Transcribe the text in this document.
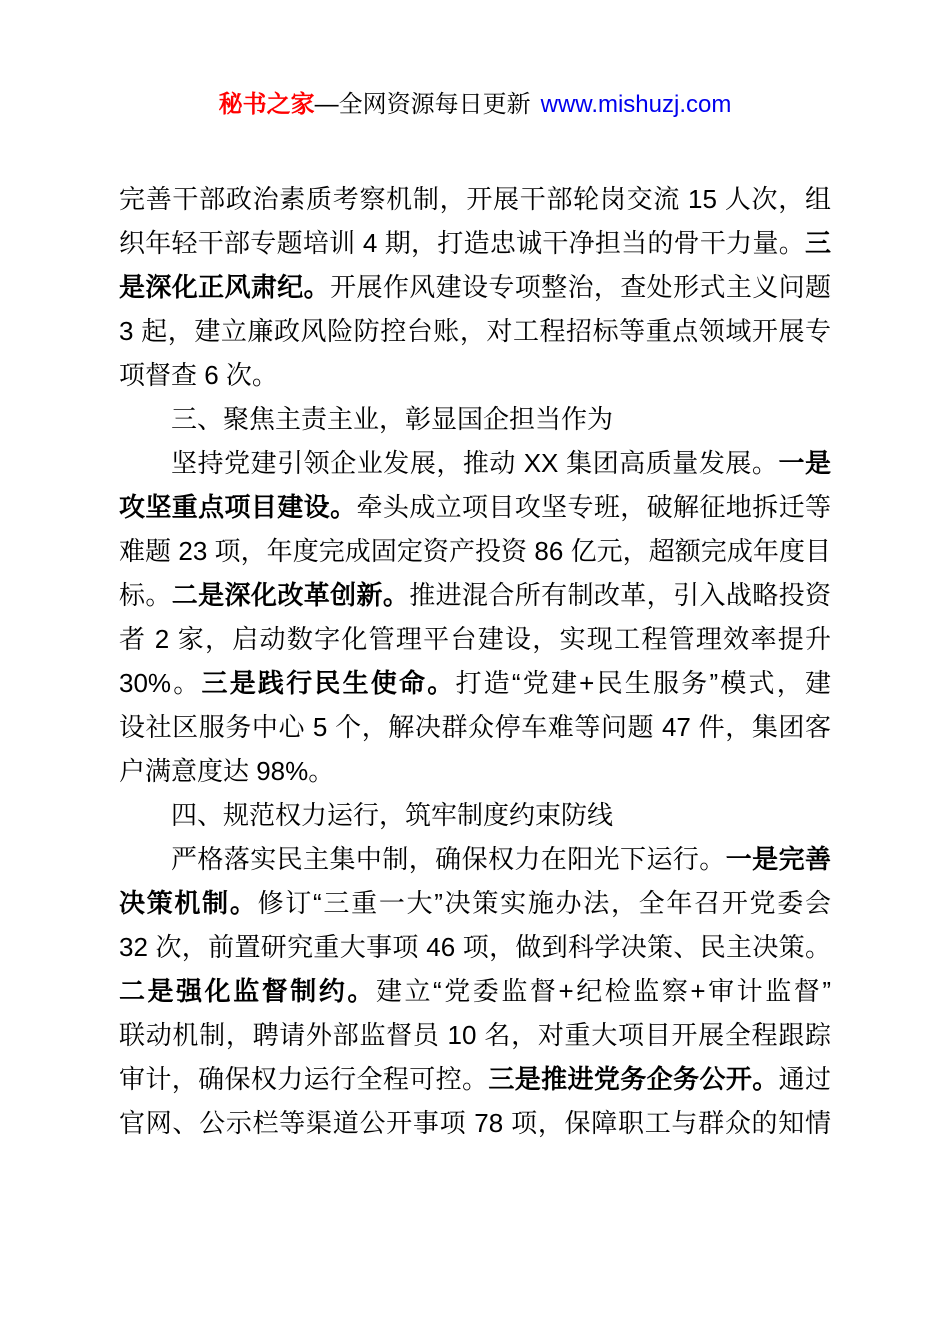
秘书之家—全网资源每日更新 www.mishuzj.com
完善干部政治素质考察机制，开展干部轮岗交流 15 人次，组
织年轻干部专题培训 4 期，打造忠诚干净担当的骨干力量。三
是深化正风肃纪。开展作风建设专项整治，查处形式主义问题
3 起，建立廉政风险防控台账，对工程招标等重点领域开展专
项督查 6 次。
三、聚焦主责主业，彰显国企担当作为
坚持党建引领企业发展，推动 XX 集团高质量发展。一是
攻坚重点项目建设。牵头成立项目攻坚专班，破解征地拆迁等
难题 23 项，年度完成固定资产投资 86 亿元，超额完成年度目
标。二是深化改革创新。推进混合所有制改革，引入战略投资
者 2 家，启动数字化管理平台建设，实现工程管理效率提升
30%。三是践行民生使命。打造“党建+民生服务”模式，建
设社区服务中心 5 个，解决群众停车难等问题 47 件，集团客
户满意度达 98%。
四、规范权力运行，筑牢制度约束防线
严格落实民主集中制，确保权力在阳光下运行。一是完善
决策机制。修订“三重一大”决策实施办法，全年召开党委会
32 次，前置研究重大事项 46 项，做到科学决策、民主决策。
二是强化监督制约。建立“党委监督+纪检监察+审计监督”
联动机制，聘请外部监督员 10 名，对重大项目开展全程跟踪
审计，确保权力运行全程可控。三是推进党务企务公开。通过
官网、公示栏等渠道公开事项 78 项，保障职工与群众的知情
